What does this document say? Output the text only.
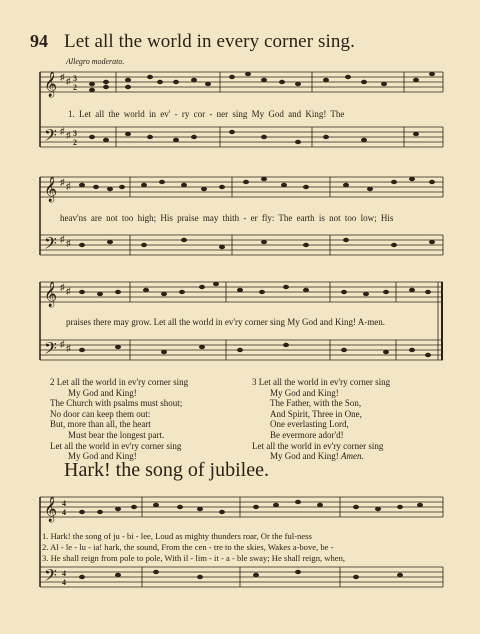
94 Let all the world in every corner sing.
Allegro moderato.
𝄞
𝄢
♯ ♯ 3
2
♯ ♯ 3
2
1. Let all the world in ev' - ry cor - ner sing My God and King! The
𝄞
𝄢
♯ ♯
♯ ♯
heav'ns are not too high; His praise may thith - er fly: The earth is not too low; His
𝄞
𝄢
♯ ♯
♯ ♯
praises there may grow. Let all the world in ev'ry corner sing My God and King! A-men.
2 Let all the world in ev'ry corner sing
My God and King!
The Church with psalms must shout;
No door can keep them out:
But, more than all, the heart
Must bear the longest part.
Let all the world in ev'ry corner sing
My God and King!
3 Let all the world in ev'ry corner sing
My God and King!
The Father, with the Son,
And Spirit, Three in One,
One everlasting Lord,
Be evermore ador'd!
Let all the world in ev'ry corner sing
My God and King! Amen.
Hark! the song of jubilee.
𝄞
𝄢
4
4
4
4
1. Hark! the song of ju - bi - lee, Loud as mighty thunders roar, Or the ful-ness
2. Al - le - lu - ia! hark, the sound, From the cen - tre to the skies, Wakes a-bove, be -
3. He shall reign from pole to pole, With il - lim - it - a - ble sway; He shall reign, when,
